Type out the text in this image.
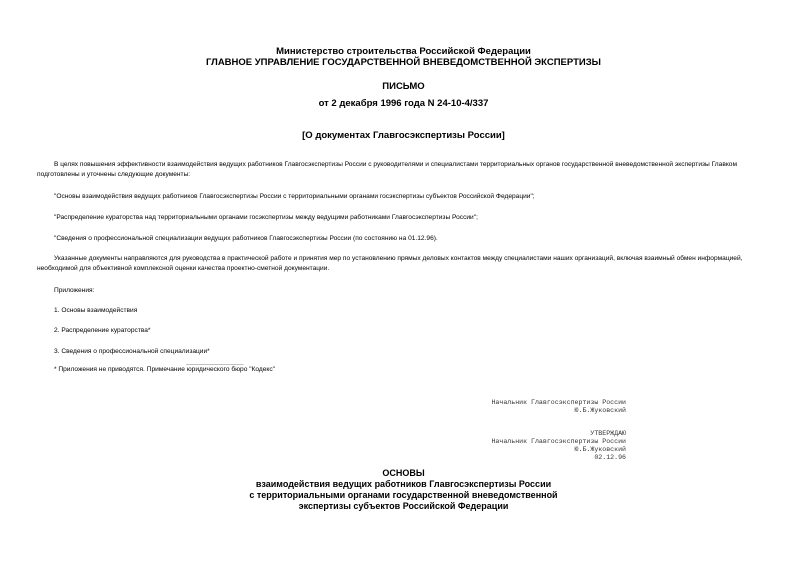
Министерство строительства Российской Федерации
ГЛАВНОЕ УПРАВЛЕНИЕ ГОСУДАРСТВЕННОЙ ВНЕВЕДОМСТВЕННОЙ ЭКСПЕРТИЗЫ
ПИСЬМО
от 2 декабря 1996 года N 24-10-4/337
[О документах Главгосэкспертизы России]
В целях повышения эффективности взаимодействия ведущих работников Главгосэкспертизы России с руководителями и специалистами территориальных органов государственной вневедомственной экспертизы Главком подготовлены и уточнены следующие документы:
"Основы взаимодействия ведущих работников Главгосэкспертизы России с территориальными органами госэкспертизы субъектов Российской Федерации";
"Распределение кураторства над территориальными органами госэкспертизы между ведущими работниками Главгосэкспертизы России";
"Сведения о профессиональной специализации ведущих работников Главгосэкспертизы России (по состоянию на 01.12.96).
Указанные документы направляются для руководства в практической работе и принятия мер по установлению прямых деловых контактов между специалистами наших организаций, включая взаимный обмен информацией, необходимой для объективной комплексной оценки качества проектно-сметной документации.
Приложения:
1. Основы взаимодействия
2. Распределение кураторства*
3. Сведения о профессиональной специализации*
________________
* Приложения не приводятся. Примечание юридического бюро "Кодекс"
Начальник Главгосэкспертизы России
Ю.Б.Жуковский
УТВЕРЖДАЮ
Начальник Главгосэкспертизы России
Ю.Б.Жуковский
02.12.96
ОСНОВЫ
взаимодействия ведущих работников Главгосэкспертизы России
с территориальными органами государственной вневедомственной
экспертизы субъектов Российской Федерации
